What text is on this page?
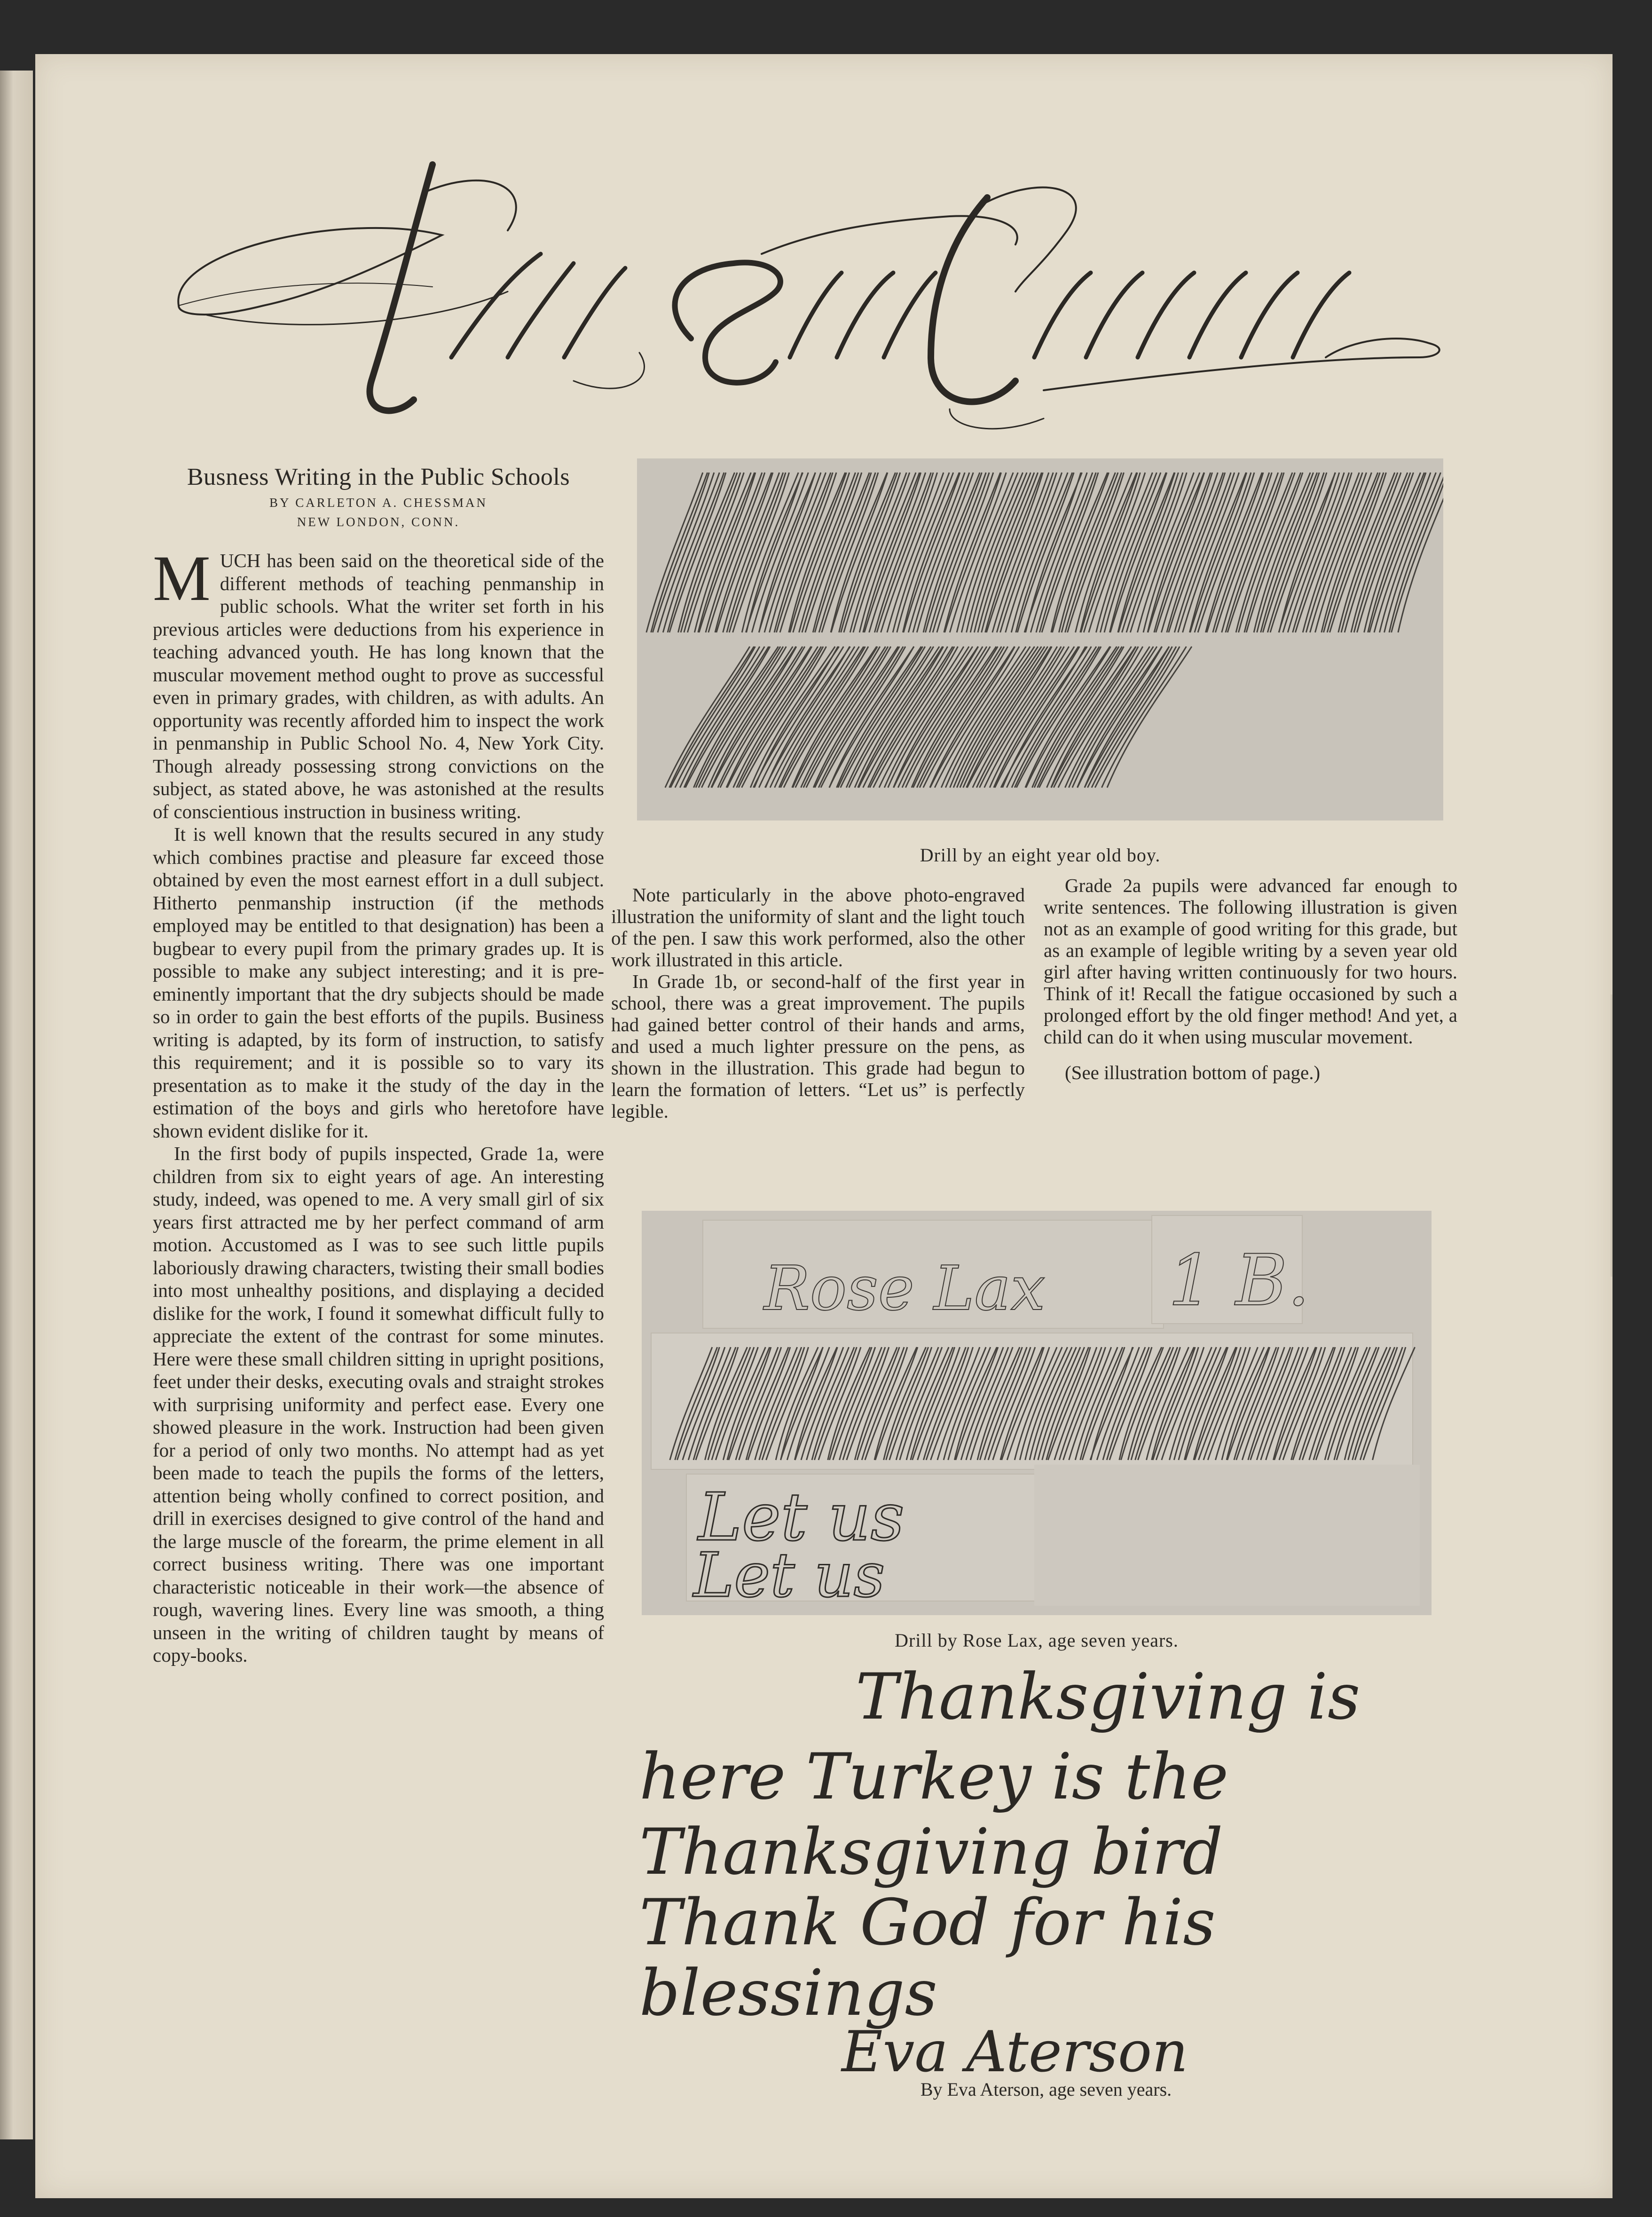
Busness Writing in the Public Schools
BY CARLETON A. CHESSMAN
NEW LONDON, CONN.
M UCH has been said on the theoretical side of the different methods of teaching penmanship in public schools. What the writer set forth in his previous articles were deductions from his experience in teaching advanced youth. He has long known that the muscular movement method ought to prove as successful even in primary grades, with children, as with adults. An opportunity was recently afforded him to inspect the work in penmanship in Public School No. 4, New York City. Though already possessing strong convictions on the subject, as stated above, he was astonished at the results of conscientious instruction in business writing.

It is well known that the results secured in any study which combines practise and pleasure far exceed those obtained by even the most earnest effort in a dull subject. Hitherto penmanship instruction (if the methods employed may be entitled to that designation) has been a bugbear to every pupil from the primary grades up. It is possible to make any subject interesting; and it is pre-eminently important that the dry subjects should be made so in order to gain the best efforts of the pupils. Business writing is adapted, by its form of instruction, to satisfy this requirement; and it is possible so to vary its presentation as to make it the study of the day in the estimation of the boys and girls who heretofore have shown evident dislike for it.

In the first body of pupils inspected, Grade 1a, were children from six to eight years of age. An interesting study, indeed, was opened to me. A very small girl of six years first attracted me by her perfect command of arm motion. Accustomed as I was to see such little pupils laboriously drawing characters, twisting their small bodies into most unhealthy positions, and displaying a decided dislike for the work, I found it somewhat difficult fully to appreciate the extent of the contrast for some minutes. Here were these small children sitting in upright positions, feet under their desks, executing ovals and straight strokes with surprising uniformity and perfect ease. Every one showed pleasure in the work. Instruction had been given for a period of only two months. No attempt had as yet been made to teach the pupils the forms of the letters, attention being wholly confined to correct position, and drill in exercises designed to give control of the hand and the large muscle of the forearm, the prime element in all correct business writing. There was one important characteristic noticeable in their work—the absence of rough, wavering lines. Every line was smooth, a thing unseen in the writing of children taught by means of copy-books.

Drill by an eight year old boy.

Note particularly in the above photo-engraved illustration the uniformity of slant and the light touch of the pen. I saw this work performed, also the other work illustrated in this article.

In Grade 1b, or second-half of the first year in school, there was a great improvement. The pupils had gained better control of their hands and arms, and used a much lighter pressure on the pens, as shown in the illustration. This grade had begun to learn the formation of letters. “Let us” is perfectly legible.

Grade 2a pupils were advanced far enough to write sentences. The following illustration is given not as an example of good writing for this grade, but as an example of legible writing by a seven year old girl after having written continuously for two hours. Think of it! Recall the fatigue occasioned by such a prolonged effort by the old finger method! And yet, a child can do it when using muscular movement.

(See illustration bottom of page.)

Rose Lax 1 B.
Let us
Let us
Drill by Rose Lax, age seven years.
Thanksgiving is
here Turkey is the
Thanksgiving bird
Thank God for his
blessings
Eva Aterson
By Eva Aterson, age seven years.
